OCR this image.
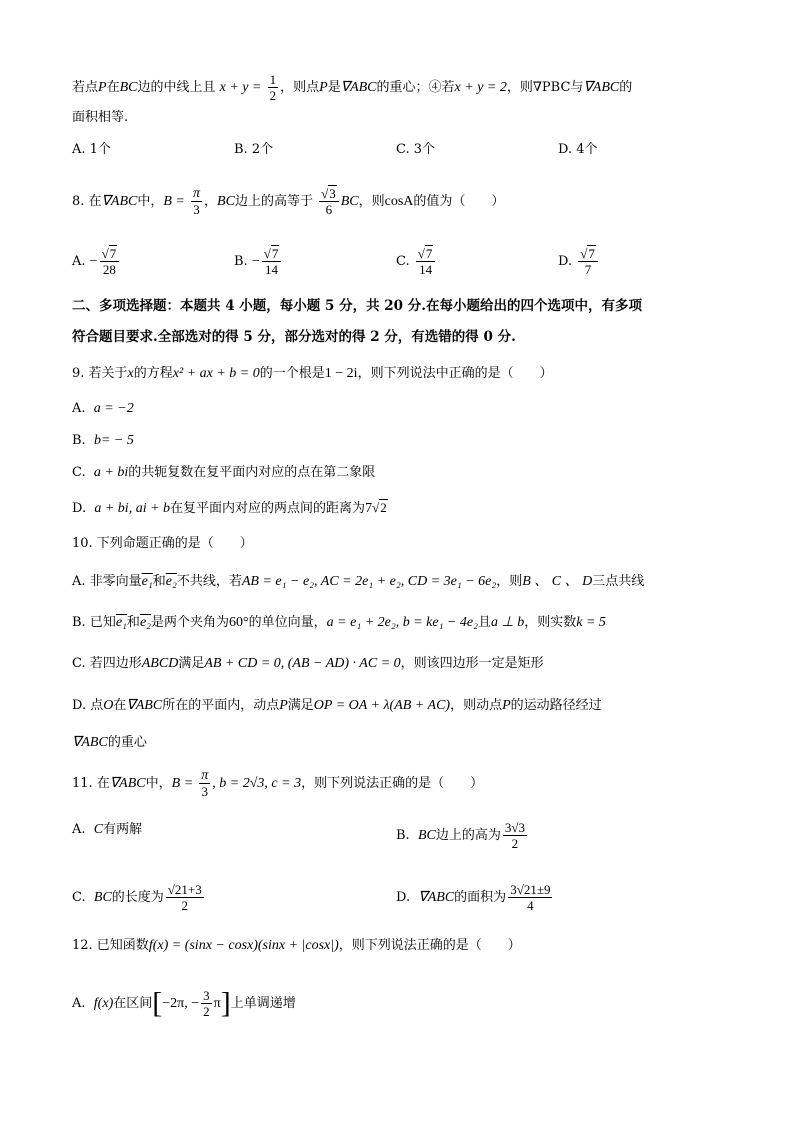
若点P在BC边的中线上且 $x + y = \frac{1}{2}$ ，则点P是∇ABC的重心；④若x + y = 2，则∇PBC与∇ABC的
面积相等.
A. 1个	B. 2个	C. 3个	D. 4个
8. 在∇ABC中，$B = \frac{\pi}{3}$ ，BC边上的高等于 $\frac{√3}{6}$ BC，则cosA的值为（　　）
A. − $\frac{√7}{28}$	B. − $\frac{√7}{14}$	C. $\frac{√7}{14}$	D. $\frac{√7}{7}$
二、多项选择题：本题共 4 小题，每小题 5 分，共 20 分.在每小题给出的四个选项中，有多项
符合题目要求.全部选对的得 5 分，部分选对的得 2 分，有选错的得 0 分.
9. 若关于x的方程x² + ax + b = 0的一个根是1 − 2i，则下列说法中正确的是（　　）
A. a = −2
B. b= − 5
C. a + bi的共轭复数在复平面内对应的点在第二象限
D. a + bi, ai + b在复平面内对应的两点间的距离为7√2
10. 下列命题正确的是（　　）
A. 非零向量e₁和e₂不共线，若AB = e₁ − e₂, AC = 2e₁ + e₂, CD = 3e₁ − 6e₂，则B 、 C 、 D三点共线
B. 已知e₁和e₂是两个夹角为60°的单位向量，a = e₁ + 2e₂, b = ke₁ − 4e₂且a ⊥ b，则实数k = 5
C. 若四边形ABCD满足AB + CD = 0, (AB − AD) · AC = 0，则该四边形一定是矩形
D. 点O在∇ABC所在的平面内，动点P满足OP = OA + λ(AB + AC)，则动点P的运动路径经过
∇ABC的重心
11. 在∇ABC中，$B = \frac{\pi}{3}$ , b = 2√3, c = 3，则下列说法正确的是（　　）
A. C有两解	B. BC边上的高为 $\frac{3√3}{2}$
C. BC的长度为 $\frac{√21+3}{2}$	D. ∇ABC的面积为 $\frac{3√21\pm 9}{4}$
12. 已知函数f(x) = (sinx − cosx)(sinx + |cosx|)，则下列说法正确的是（　　）
A. f(x)在区间[−2π, − $\frac{3}{2} \pi$]上单调递增
